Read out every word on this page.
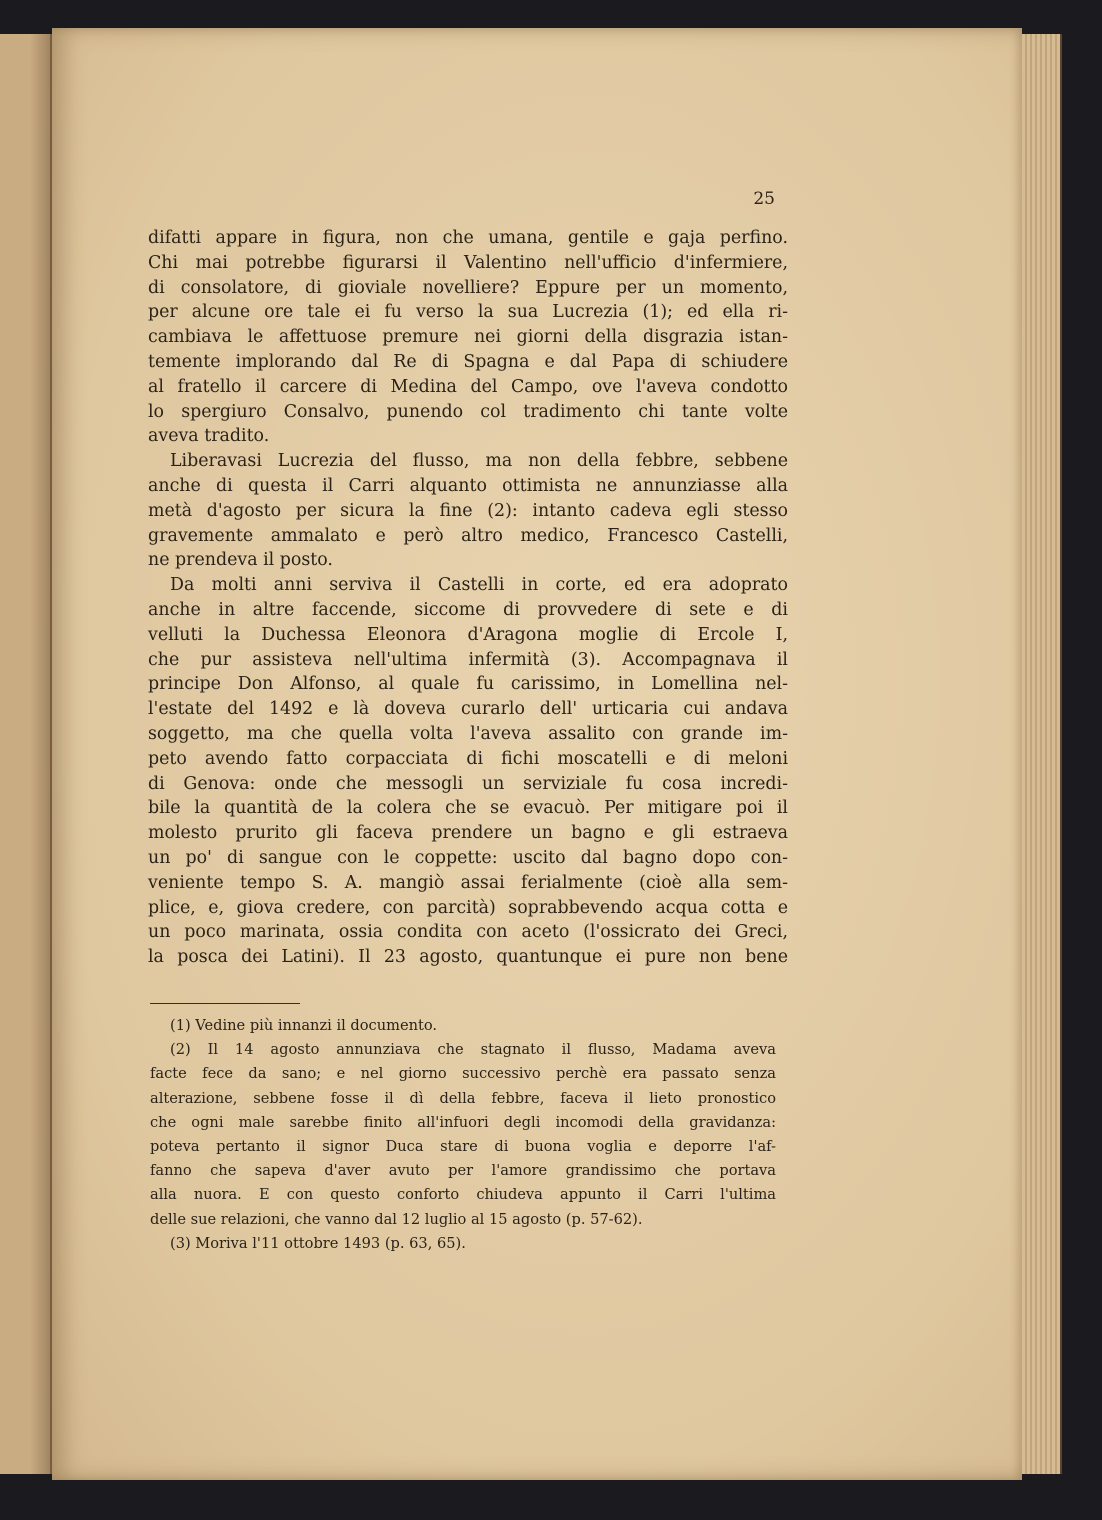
25
difatti appare in figura, non che umana, gentile e gaja perfino.
Chi mai potrebbe figurarsi il Valentino nell'ufficio d'infermiere,
di consolatore, di gioviale novelliere? Eppure per un momento,
per alcune ore tale ei fu verso la sua Lucrezia (1); ed ella ri-
cambiava le affettuose premure nei giorni della disgrazia istan-
temente implorando dal Re di Spagna e dal Papa di schiudere
al fratello il carcere di Medina del Campo, ove l'aveva condotto
lo spergiuro Consalvo, punendo col tradimento chi tante volte
aveva tradito.
Liberavasi Lucrezia del flusso, ma non della febbre, sebbene
anche di questa il Carri alquanto ottimista ne annunziasse alla
metà d'agosto per sicura la fine (2): intanto cadeva egli stesso
gravemente ammalato e però altro medico, Francesco Castelli,
ne prendeva il posto.
Da molti anni serviva il Castelli in corte, ed era adoprato
anche in altre faccende, siccome di provvedere di sete e di
velluti la Duchessa Eleonora d'Aragona moglie di Ercole I,
che pur assisteva nell'ultima infermità (3). Accompagnava il
principe Don Alfonso, al quale fu carissimo, in Lomellina nel-
l'estate del 1492 e là doveva curarlo dell' urticaria cui andava
soggetto, ma che quella volta l'aveva assalito con grande im-
peto avendo fatto corpacciata di fichi moscatelli e di meloni
di Genova: onde che messogli un serviziale fu cosa incredi-
bile la quantità de la colera che se evacuò. Per mitigare poi il
molesto prurito gli faceva prendere un bagno e gli estraeva
un po' di sangue con le coppette: uscito dal bagno dopo con-
veniente tempo S. A. mangiò assai ferialmente (cioè alla sem-
plice, e, giova credere, con parcità) soprabbevendo acqua cotta e
un poco marinata, ossia condita con aceto (l'ossicrato dei Greci,
la posca dei Latini). Il 23 agosto, quantunque ei pure non bene
(1) Vedine più innanzi il documento.
(2) Il 14 agosto annunziava che stagnato il flusso, Madama aveva
facte fece da sano; e nel giorno successivo perchè era passato senza
alterazione, sebbene fosse il dì della febbre, faceva il lieto pronostico
che ogni male sarebbe finito all'infuori degli incomodi della gravidanza:
poteva pertanto il signor Duca stare di buona voglia e deporre l'af-
fanno che sapeva d'aver avuto per l'amore grandissimo che portava
alla nuora. E con questo conforto chiudeva appunto il Carri l'ultima
delle sue relazioni, che vanno dal 12 luglio al 15 agosto (p. 57-62).
(3) Moriva l'11 ottobre 1493 (p. 63, 65).
